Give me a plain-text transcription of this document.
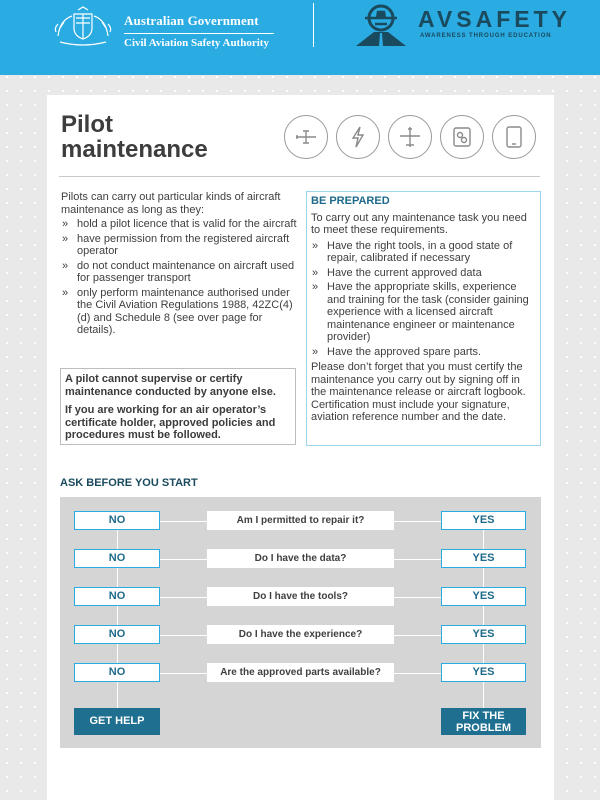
Australian Government
Civil Aviation Safety Authority
AVSAFETY
AWARENESS THROUGH EDUCATION
Pilot
maintenance
Pilots can carry out particular kinds of aircraft maintenance as long as they:
» hold a pilot licence that is valid for the aircraft
» have permission from the registered aircraft operator
» do not conduct maintenance on aircraft used for passenger transport
» only perform maintenance authorised under the Civil Aviation Regulations 1988, 42ZC(4)(d) and Schedule 8 (see over page for details).

A pilot cannot supervise or certify maintenance conducted by anyone else.

If you are working for an air operator’s certificate holder, approved policies and procedures must be followed.

BE PREPARED
To carry out any maintenance task you need to meet these requirements.
» Have the right tools, in a good state of repair, calibrated if necessary
» Have the current approved data
» Have the appropriate skills, experience and training for the task (consider gaining experience with a licensed aircraft maintenance engineer or maintenance provider)
» Have the approved spare parts.
Please don’t forget that you must certify the maintenance you carry out by signing off in the maintenance release or aircraft logbook. Certification must include your signature, aviation reference number and the date.
ASK BEFORE YOU START
NO	Am I permitted to repair it?	YES
NO	Do I have the data?	YES
NO	Do I have the tools?	YES
NO	Do I have the experience?	YES
NO	Are the approved parts available?	YES
GET HELP	FIX THE
PROBLEM
